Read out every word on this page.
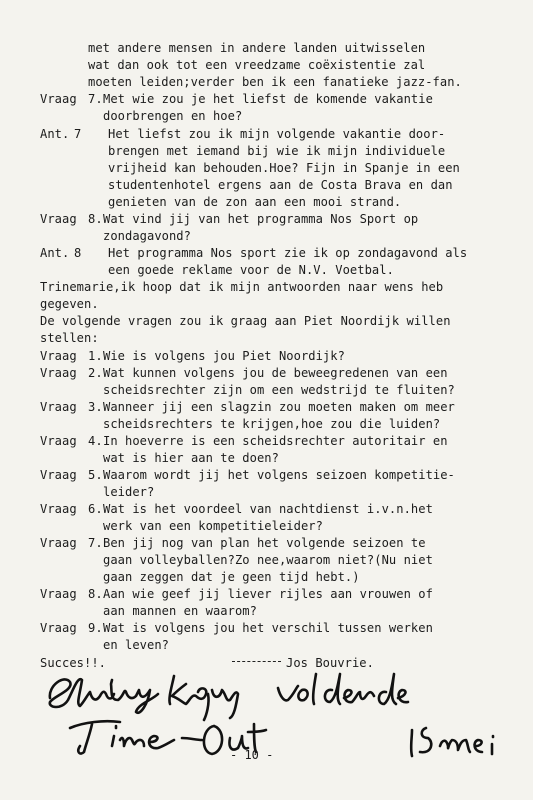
met andere mensen in andere landen uitwisselen
wat dan ook tot een vreedzame coëxistentie zal
moeten leiden;verder ben ik een fanatieke jazz-fan.
Vraag 7. Met wie zou je het liefst de komende vakantie
doorbrengen en hoe?
Ant. 7 Het liefst zou ik mijn volgende vakantie door-
brengen met iemand bij wie ik mijn individuele
vrijheid kan behouden.Hoe? Fijn in Spanje in een
studentenhotel ergens aan de Costa Brava en dan
genieten van de zon aan een mooi strand.
Vraag 8. Wat vind jij van het programma Nos Sport op
zondagavond?
Ant. 8 Het programma Nos sport zie ik op zondagavond als
een goede reklame voor de N.V. Voetbal.
Trinemarie,ik hoop dat ik mijn antwoorden naar wens heb
gegeven.
De volgende vragen zou ik graag aan Piet Noordijk willen
stellen:
Vraag 1. Wie is volgens jou Piet Noordijk?
Vraag 2. Wat kunnen volgens jou de beweegredenen van een
scheidsrechter zijn om een wedstrijd te fluiten?
Vraag 3. Wanneer jij een slagzin zou moeten maken om meer
scheidsrechters te krijgen,hoe zou die luiden?
Vraag 4. In hoeverre is een scheidsrechter autoritair en
wat is hier aan te doen?
Vraag 5. Waarom wordt jij het volgens seizoen kompetitie-
leider?
Vraag 6. Wat is het voordeel van nachtdienst i.v.n.het
werk van een kompetitieleider?
Vraag 7. Ben jij nog van plan het volgende seizoen te
gaan volleyballen?Zo nee,waarom niet?(Nu niet
gaan zeggen dat je geen tijd hebt.)
Vraag 8. Aan wie geef jij liever rijles aan vrouwen of
aan mannen en waarom?
Vraag 9. Wat is volgens jou het verschil tussen werken
en leven?
Succes!!.	Jos Bouvrie.
- 10 -
